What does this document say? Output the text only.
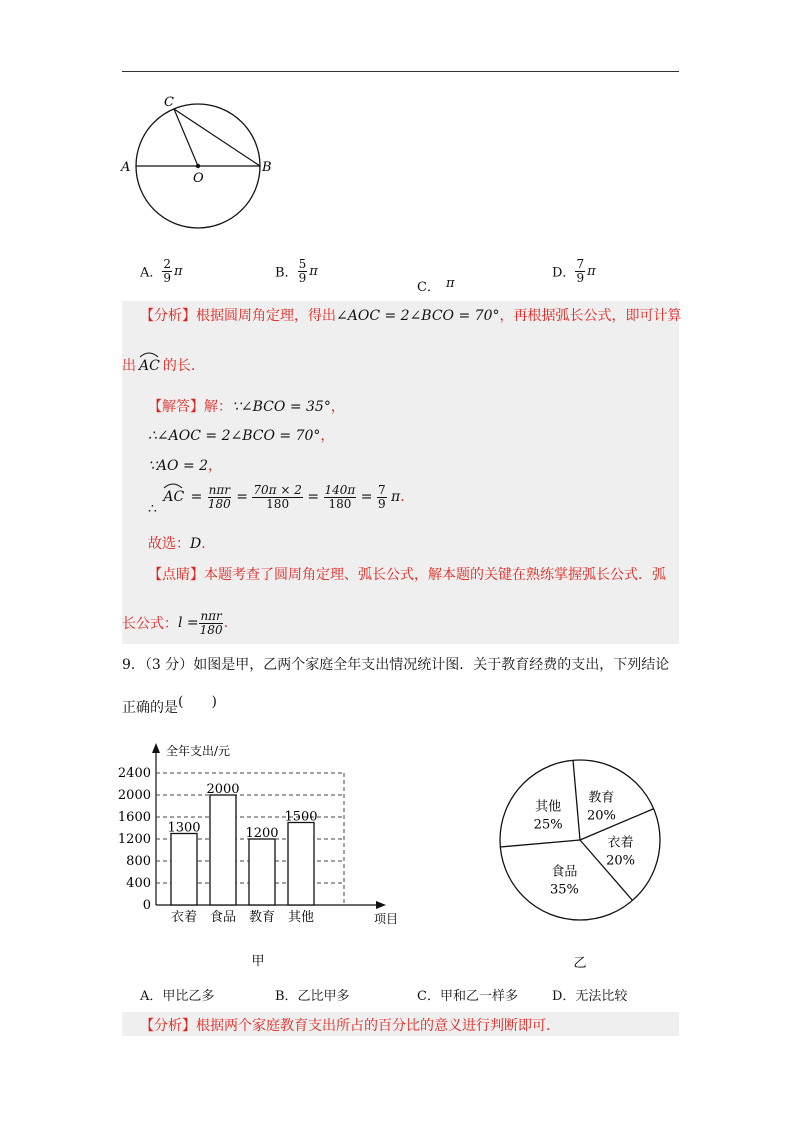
C
A
O
B
A． $\frac{2}{9}$ π	B． $\frac{5}{9}$ π
C． π
D． $\frac{7}{9}$ π
【分析】根据圆周角定理，得出∠AOC = 2∠BCO = 70°，再根据弧长公式，即可计算
出 AC 的长.
【解答】解：∵∠BCO = 35°，
∴∠AOC = 2∠BCO = 70°，
∵AO = 2，
∴
AC = $\frac{\text{nπr}}{180} = \frac{70\pi \times 2}{180} = \frac{140\pi}{180} = \frac{7}{9} \pi$.
故选：D.
【点睛】本题考查了圆周角定理、弧长公式，解本题的关键在熟练掌握弧长公式．弧
长公式：$l = \frac{\text{nπr}}{180}$ .
9．（3 分）如图是甲，乙两个家庭全年支出情况统计图．关于教育经费的支出，下列结论
正确的是(　　)
全年支出/元
项目
0
400
800
1200
1600
2000
2400
1300
2000
1200
1500
衣着 食品 教育 其他
甲
教育
20%
衣着
20%
食品
35%
其他
25%
乙
A．甲比乙多	B．乙比甲多	C．甲和乙一样多	D．无法比较
【分析】根据两个家庭教育支出所占的百分比的意义进行判断即可.
